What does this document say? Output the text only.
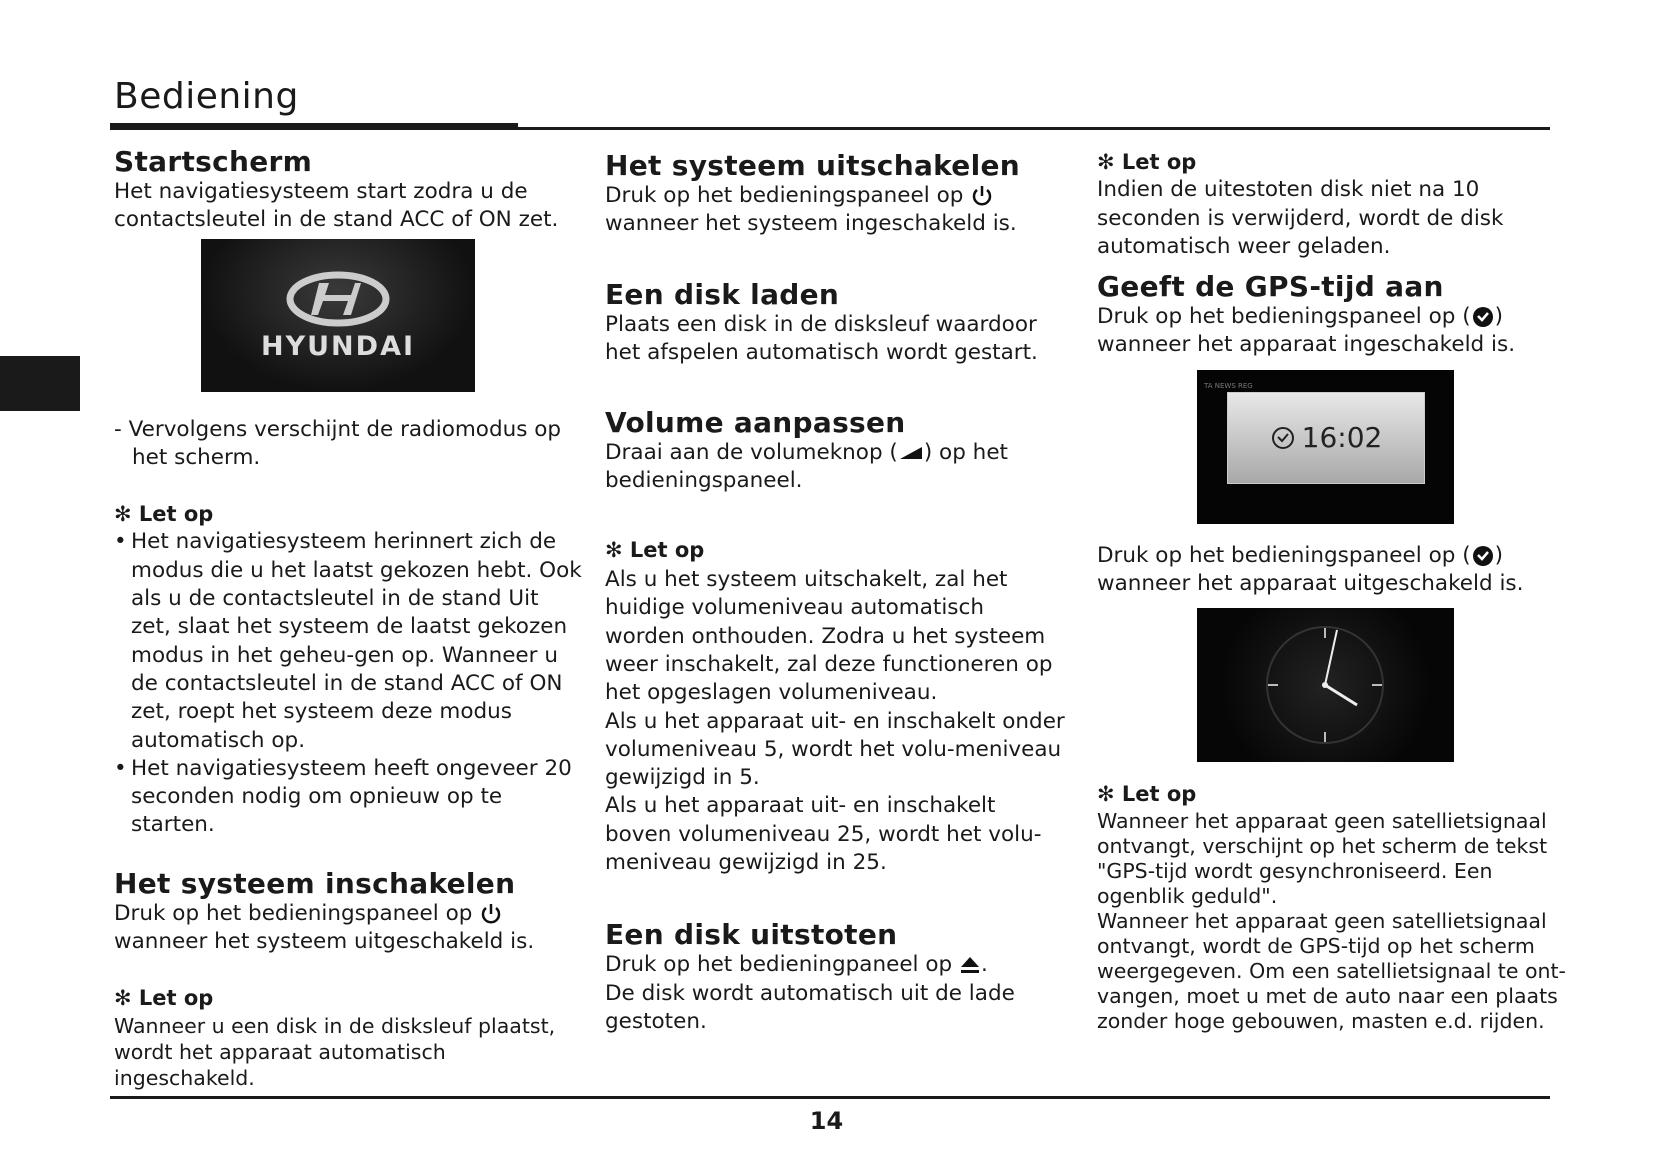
Bediening
Startscherm

Het navigatiesysteem start zodra u de contactsleutel in de stand ACC of ON zet.

HYUNDAI

- Vervolgens verschijnt de radiomodus op het scherm.

✻ Let op

• Het navigatiesysteem herinnert zich de modus die u het laatst gekozen hebt. Ook als u de contactsleutel in de stand Uit zet, slaat het systeem de laatst gekozen modus in het geheu-gen op. Wanneer u de contactsleutel in de stand ACC of ON zet, roept het systeem deze modus automatisch op.
• Het navigatiesysteem heeft ongeveer 20 seconden nodig om opnieuw op te starten.
Het systeem inschakelen

Druk op het bedieningspaneel op
wanneer het systeem uitgeschakeld is.

✻ Let op

Wanneer u een disk in de disksleuf plaatst, wordt het apparaat automatisch ingeschakeld.

Het systeem uitschakelen

Druk op het bedieningspaneel op
wanneer het systeem ingeschakeld is.

Een disk laden

Plaats een disk in de disksleuf waardoor het afspelen automatisch wordt gestart.

Volume aanpassen

Draai aan de volumeknop ( ) op het bedieningspaneel.

✻ Let op

Als u het systeem uitschakelt, zal het huidige volumeniveau automatisch worden onthouden. Zodra u het systeem weer inschakelt, zal deze functioneren op het opgeslagen volumeniveau.

Als u het apparaat uit- en inschakelt onder volumeniveau 5, wordt het volu-meniveau gewijzigd in 5.

Als u het apparaat uit- en inschakelt boven volumeniveau 25, wordt het volu-meniveau gewijzigd in 25.

Een disk uitstoten

Druk op het bedieningpaneel op .
De disk wordt automatisch uit de lade gestoten.

✻ Let op

Indien de uitestoten disk niet na 10 seconden is verwijderd, wordt de disk automatisch weer geladen.

Geeft de GPS-tijd aan

Druk op het bedieningspaneel op ( ) wanneer het apparaat ingeschakeld is.

TA NEWS REG
16:02

Druk op het bedieningspaneel op ( ) wanneer het apparaat uitgeschakeld is.

✻ Let op

Wanneer het apparaat geen satellietsignaal ontvangt, verschijnt op het scherm de tekst "GPS-tijd wordt gesynchroniseerd. Een ogenblik geduld".

Wanneer het apparaat geen satellietsignaal ontvangt, wordt de GPS-tijd op het scherm weergegeven. Om een satellietsignaal te ont-vangen, moet u met de auto naar een plaats zonder hoge gebouwen, masten e.d. rijden.

14
